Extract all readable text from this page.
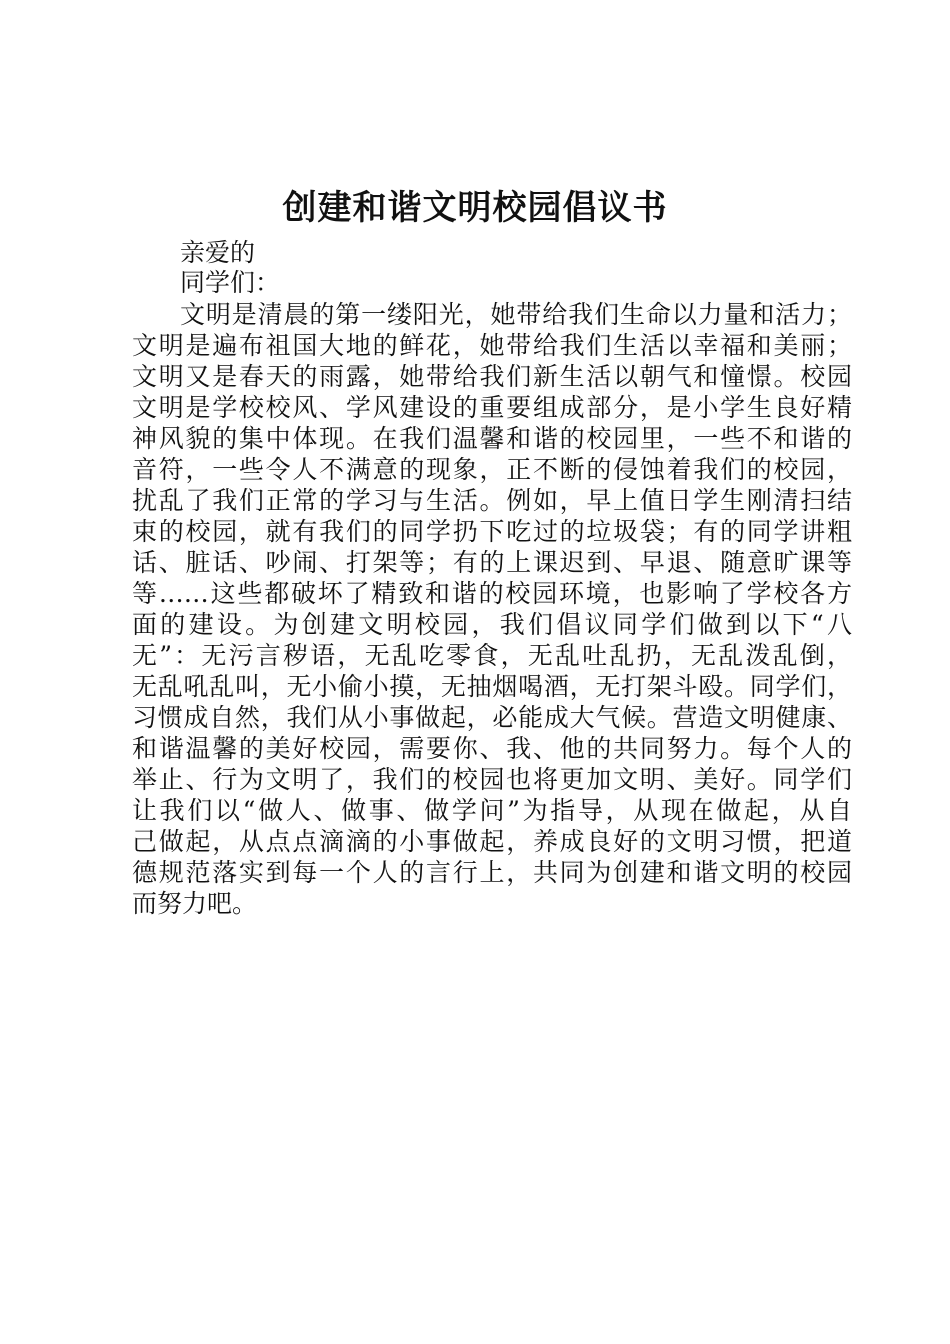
创建和谐文明校园倡议书
亲爱的
同学们：
文明是清晨的第一缕阳光，她带给我们生命以力量和活力；
文明是遍布祖国大地的鲜花，她带给我们生活以幸福和美丽；
文明又是春天的雨露，她带给我们新生活以朝气和憧憬。校园
文明是学校校风、学风建设的重要组成部分，是小学生良好精
神风貌的集中体现。在我们温馨和谐的校园里，一些不和谐的
音符，一些令人不满意的现象，正不断的侵蚀着我们的校园，
扰乱了我们正常的学习与生活。例如，早上值日学生刚清扫结
束的校园，就有我们的同学扔下吃过的垃圾袋；有的同学讲粗
话、脏话、吵闹、打架等；有的上课迟到、早退、随意旷课等
等……这些都破坏了精致和谐的校园环境，也影响了学校各方
面的建设。为创建文明校园，我们倡议同学们做到以下“八
无”：无污言秽语，无乱吃零食，无乱吐乱扔，无乱泼乱倒，
无乱吼乱叫，无小偷小摸，无抽烟喝酒，无打架斗殴。同学们，
习惯成自然，我们从小事做起，必能成大气候。营造文明健康、
和谐温馨的美好校园，需要你、我、他的共同努力。每个人的
举止、行为文明了，我们的校园也将更加文明、美好。同学们
让我们以“做人、做事、做学问”为指导，从现在做起，从自
己做起，从点点滴滴的小事做起，养成良好的文明习惯，把道
德规范落实到每一个人的言行上，共同为创建和谐文明的校园
而努力吧。
